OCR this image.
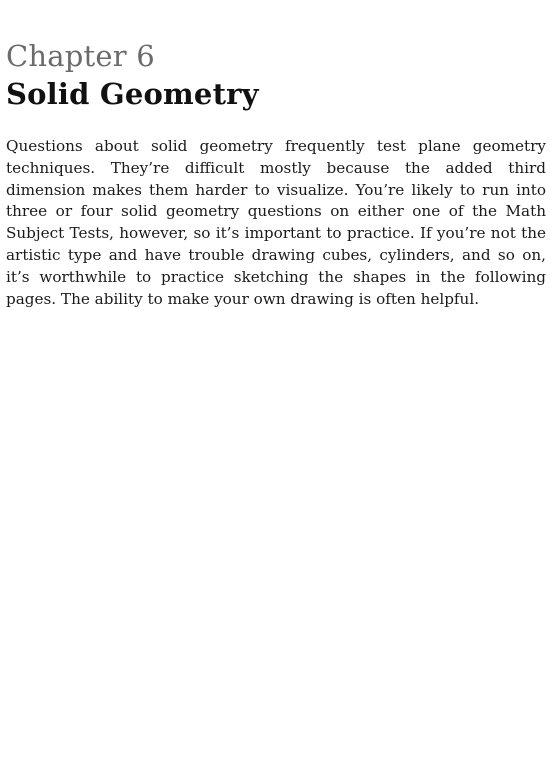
Chapter 6
Solid Geometry

Questions about solid geometry frequently test plane geometry techniques. They’re difficult mostly because the added third dimension makes them harder to visualize. You’re likely to run into three or four solid geometry questions on either one of the Math Subject Tests, however, so it’s important to practice. If you’re not the artistic type and have trouble drawing cubes, cylinders, and so on, it’s worthwhile to practice sketching the shapes in the following pages. The ability to make your own drawing is often helpful.
